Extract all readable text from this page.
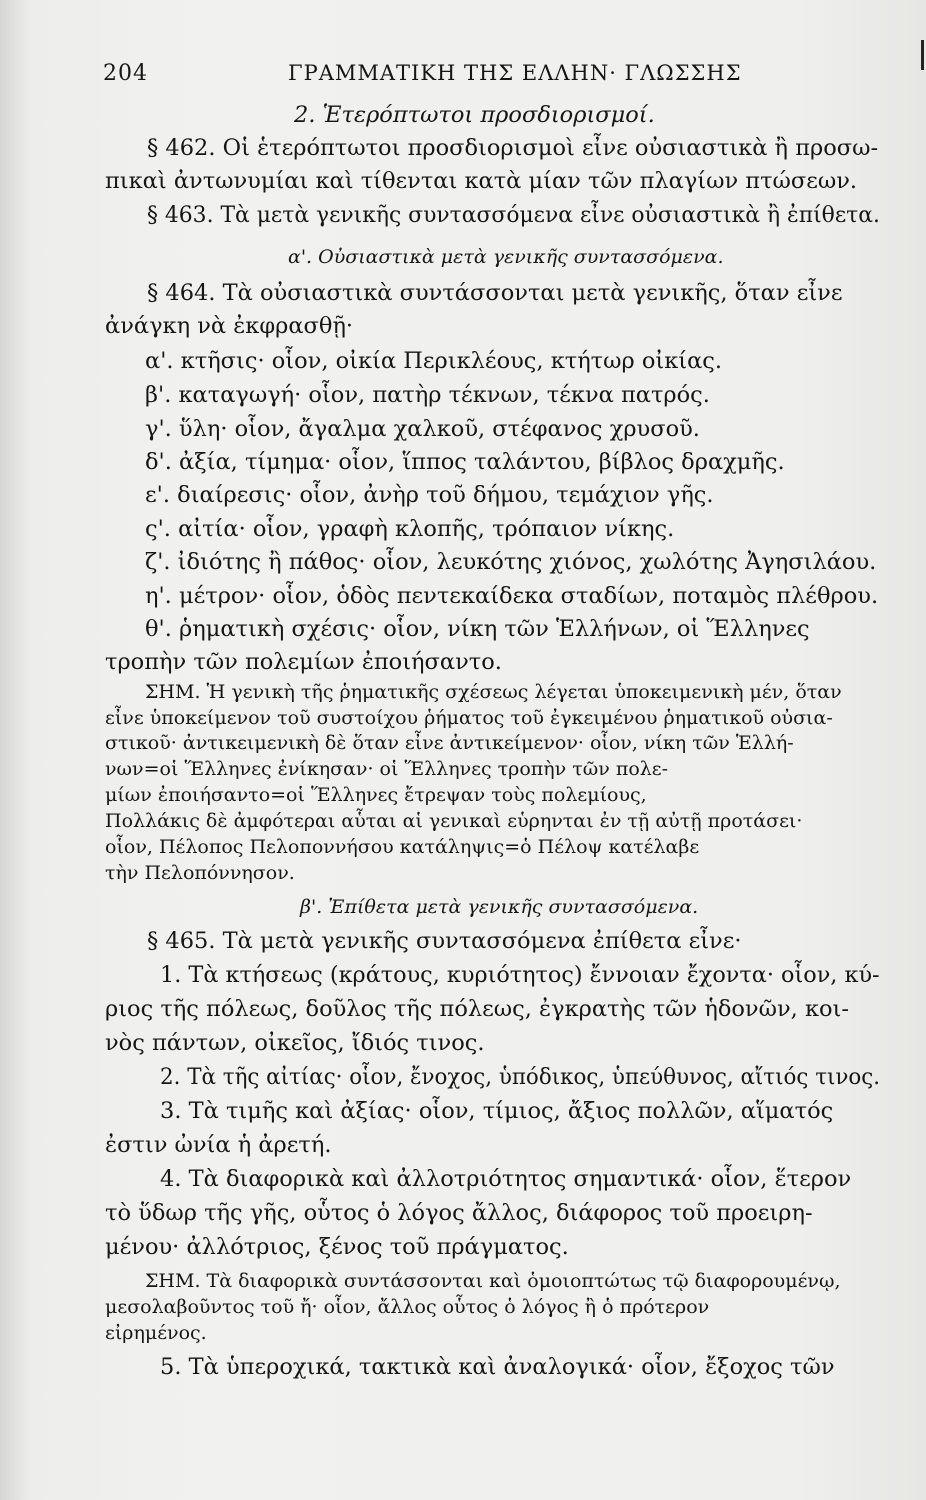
204	ΓΡΑΜΜΑΤΙΚΗ ΤΗΣ ΕΛΛΗΝ· ΓΛΩΣΣΗΣ
2. Ἑτερόπτωτοι προσδιορισμοί.
§ 462. Οἱ ἑτερόπτωτοι προσδιορισμοὶ εἶνε οὐσιαστικὰ ἢ προσω-
πικαὶ ἀντωνυμίαι καὶ τίθενται κατὰ μίαν τῶν πλαγίων πτώσεων.
§ 463. Τὰ μετὰ γενικῆς συντασσόμενα εἶνε οὐσιαστικὰ ἢ ἐπίθετα.
α'. Οὐσιαστικὰ μετὰ γενικῆς συντασσόμενα.
§ 464. Τὰ οὐσιαστικὰ συντάσσονται μετὰ γενικῆς, ὅταν εἶνε
ἀνάγκη νὰ ἐκφρασθῇ·
α'. κτῆσις· οἷον, οἰκία Περικλέους, κτήτωρ οἰκίας.
β'. καταγωγή· οἷον, πατὴρ τέκνων, τέκνα πατρός.
γ'. ὕλη· οἷον, ἄγαλμα χαλκοῦ, στέφανος χρυσοῦ.
δ'. ἀξία, τίμημα· οἷον, ἵππος ταλάντου, βίβλος δραχμῆς.
ε'. διαίρεσις· οἷον, ἀνὴρ τοῦ δήμου, τεμάχιον γῆς.
ς'. αἰτία· οἷον, γραφὴ κλοπῆς, τρόπαιον νίκης.
ζ'. ἰδιότης ἢ πάθος· οἷον, λευκότης χιόνος, χωλότης Ἀγησιλάου.
η'. μέτρον· οἷον, ὁδὸς πεντεκαίδεκα σταδίων, ποταμὸς πλέθρου.
θ'. ῥηματικὴ σχέσις· οἷον, νίκη τῶν Ἑλλήνων, οἱ Ἕλληνες
τροπὴν τῶν πολεμίων ἐποιήσαντο.
ΣΗΜ. Ἡ γενικὴ τῆς ῥηματικῆς σχέσεως λέγεται ὑποκειμενικὴ μέν, ὅταν
εἶνε ὑποκείμενον τοῦ συστοίχου ῥήματος τοῦ ἐγκειμένου ῥηματικοῦ οὐσια-
στικοῦ· ἀντικειμενικὴ δὲ ὅταν εἶνε ἀντικείμενον· οἷον, νίκη τῶν Ἑλλή-
νων=οἱ Ἕλληνες ἐνίκησαν· οἱ Ἕλληνες τροπὴν τῶν πολε-
μίων ἐποιήσαντο=οἱ Ἕλληνες ἔτρεψαν τοὺς πολεμίους,
Πολλάκις δὲ ἀμφότεραι αὗται αἱ γενικαὶ εὑρηνται ἐν τῇ αὐτῇ προτάσει·
οἷον, Πέλοπος Πελοποννήσου κατάληψις=ὁ Πέλοψ κατέλαβε
τὴν Πελοπόννησον.
β'. Ἐπίθετα μετὰ γενικῆς συντασσόμενα.
§ 465. Τὰ μετὰ γενικῆς συντασσόμενα ἐπίθετα εἶνε·
1. Τὰ κτήσεως (κράτους, κυριότητος) ἔννοιαν ἔχοντα· οἷον, κύ-
ριος τῆς πόλεως, δοῦλος τῆς πόλεως, ἐγκρατὴς τῶν ἡδονῶν, κοι-
νὸς πάντων, οἰκεῖος, ἴδιός τινος.
2. Τὰ τῆς αἰτίας· οἷον, ἔνοχος, ὑπόδικος, ὑπεύθυνος, αἴτιός τινος.
3. Τὰ τιμῆς καὶ ἀξίας· οἷον, τίμιος, ἄξιος πολλῶν, αἵματός
ἐστιν ὠνία ἡ ἀρετή.
4. Τὰ διαφορικὰ καὶ ἀλλοτριότητος σημαντικά· οἷον, ἕτερον
τὸ ὕδωρ τῆς γῆς, οὗτος ὁ λόγος ἄλλος, διάφορος τοῦ προειρη-
μένου· ἀλλότριος, ξένος τοῦ πράγματος.
ΣΗΜ. Τὰ διαφορικὰ συντάσσονται καὶ ὁμοιοπτώτως τῷ διαφορουμένῳ,
μεσολαβοῦντος τοῦ ἤ· οἷον, ἄλλος οὗτος ὁ λόγος ἢ ὁ πρότερον
εἰρημένος.
5. Τὰ ὑπεροχικά, τακτικὰ καὶ ἀναλογικά· οἷον, ἔξοχος τῶν
